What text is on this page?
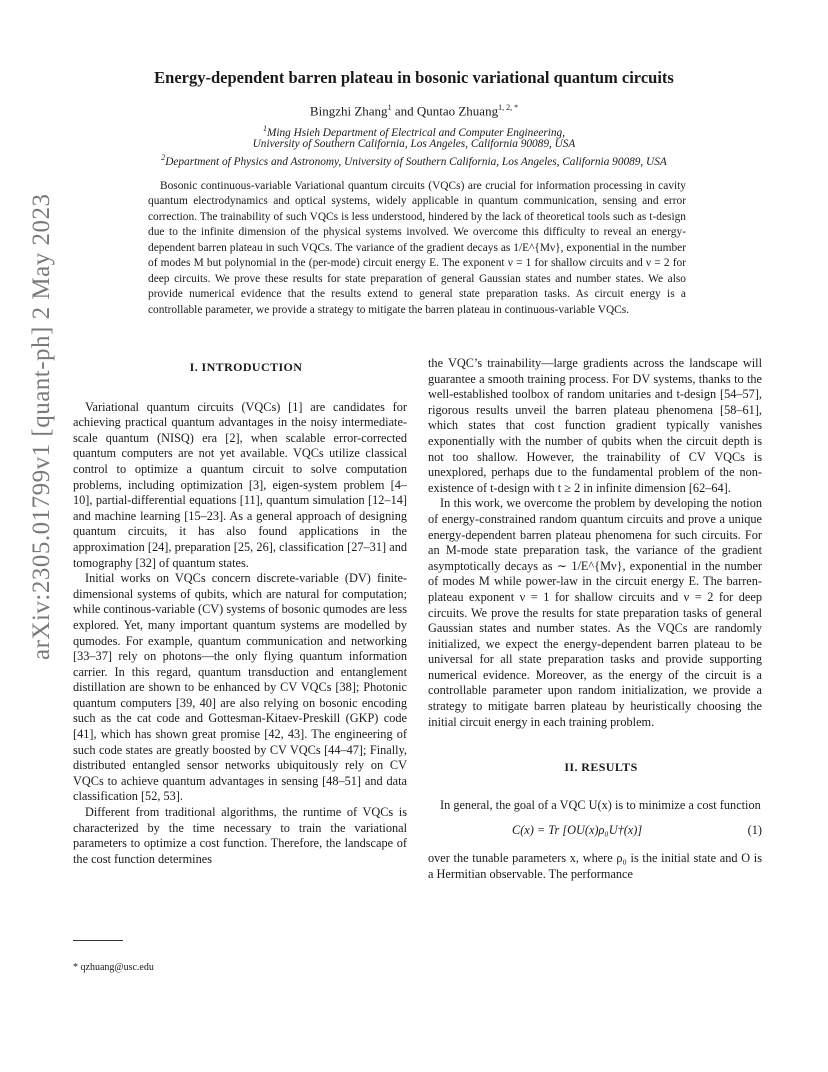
arXiv:2305.01799v1 [quant-ph] 2 May 2023
Energy-dependent barren plateau in bosonic variational quantum circuits
Bingzhi Zhang$^1$ and Quntao Zhuang$^{1, 2, *}$
$^1$Ming Hsieh Department of Electrical and Computer Engineering,
University of Southern California, Los Angeles, California 90089, USA
$^2$Department of Physics and Astronomy, University of Southern California, Los Angeles, California 90089, USA
Bosonic continuous-variable Variational quantum circuits (VQCs) are crucial for information processing in cavity quantum electrodynamics and optical systems, widely applicable in quantum communication, sensing and error correction. The trainability of such VQCs is less understood, hindered by the lack of theoretical tools such as t-design due to the infinite dimension of the physical systems involved. We overcome this difficulty to reveal an energy-dependent barren plateau in such VQCs. The variance of the gradient decays as 1/E^{Mν}, exponential in the number of modes M but polynomial in the (per-mode) circuit energy E. The exponent ν = 1 for shallow circuits and ν = 2 for deep circuits. We prove these results for state preparation of general Gaussian states and number states. We also provide numerical evidence that the results extend to general state preparation tasks. As circuit energy is a controllable parameter, we provide a strategy to mitigate the barren plateau in continuous-variable VQCs.

I. INTRODUCTION

Variational quantum circuits (VQCs) [1] are candidates for achieving practical quantum advantages in the noisy intermediate-scale quantum (NISQ) era [2], when scalable error-corrected quantum computers are not yet available. VQCs utilize classical control to optimize a quantum circuit to solve computation problems, including optimization [3], eigen-system problem [4–10], partial-differential equations [11], quantum simulation [12–14] and machine learning [15–23]. As a general approach of designing quantum circuits, it has also found applications in the approximation [24], preparation [25, 26], classification [27–31] and tomography [32] of quantum states.

Initial works on VQCs concern discrete-variable (DV) finite-dimensional systems of qubits, which are natural for computation; while continous-variable (CV) systems of bosonic qumodes are less explored. Yet, many important quantum systems are modelled by qumodes. For example, quantum communication and networking [33–37] rely on photons—the only flying quantum information carrier. In this regard, quantum transduction and entanglement distillation are shown to be enhanced by CV VQCs [38]; Photonic quantum computers [39, 40] are also relying on bosonic encoding such as the cat code and Gottesman-Kitaev-Preskill (GKP) code [41], which has shown great promise [42, 43]. The engineering of such code states are greatly boosted by CV VQCs [44–47]; Finally, distributed entangled sensor networks ubiquitously rely on CV VQCs to achieve quantum advantages in sensing [48–51] and data classification [52, 53].

Different from traditional algorithms, the runtime of VQCs is characterized by the time necessary to train the variational parameters to optimize a cost function. Therefore, the landscape of the cost function determines

the VQC’s trainability—large gradients across the landscape will guarantee a smooth training process. For DV systems, thanks to the well-established toolbox of random unitaries and t-design [54–57], rigorous results unveil the barren plateau phenomena [58–61], which states that cost function gradient typically vanishes exponentially with the number of qubits when the circuit depth is not too shallow. However, the trainability of CV VQCs is unexplored, perhaps due to the fundamental problem of the non-existence of t-design with t ≥ 2 in infinite dimension [62–64].

In this work, we overcome the problem by developing the notion of energy-constrained random quantum circuits and prove a unique energy-dependent barren plateau phenomena for such circuits. For an M-mode state preparation task, the variance of the gradient asymptotically decays as ∼ 1/E^{Mν}, exponential in the number of modes M while power-law in the circuit energy E. The barren-plateau exponent ν = 1 for shallow circuits and ν = 2 for deep circuits. We prove the results for state preparation tasks of general Gaussian states and number states. As the VQCs are randomly initialized, we expect the energy-dependent barren plateau to be universal for all state preparation tasks and provide supporting numerical evidence. Moreover, as the energy of the circuit is a controllable parameter upon random initialization, we provide a strategy to mitigate barren plateau by heuristically choosing the initial circuit energy in each training problem.

II. RESULTS

In general, the goal of a VQC U(x) is to minimize a cost function

C(x) = Tr [OU(x)ρ₀U†(x)]	(1)

over the tunable parameters x, where ρ₀ is the initial state and O is a Hermitian observable. The performance

* qzhuang@usc.edu
